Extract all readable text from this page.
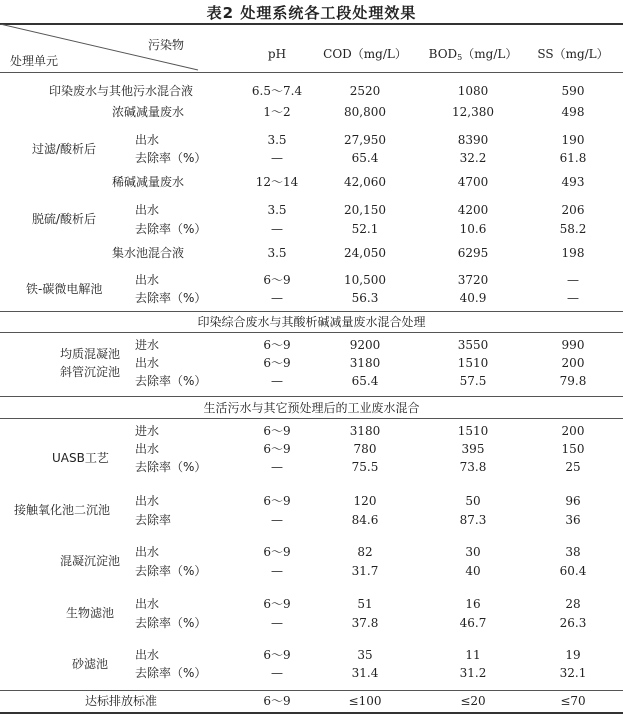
表2 处理系统各工段处理效果
污染物
处理单元	pH	COD（mg/L） $BOD_5(mg/L)$ SS（mg/L）
印染综合废水与其酸析碱减量废水混合处理
生活污水与其它预处理后的工业废水混合
印染废水与其他污水混合液	6.5～7.4	2520	1080	590
浓碱减量废水	1～2	80,800	12,380	498
过滤/酸析后
出水	3.5	27,950	8390	190
去除率（%）	—	65.4	32.2	61.8
稀碱减量废水	12～14	42,060	4700	493
脱硫/酸析后
出水	3.5	20,150	4200	206
去除率（%）	—	52.1	10.6	58.2
集水池混合液	3.5	24,050	6295	198
铁-碳微电解池
出水	6～9	10,500	3720	—
去除率（%）	—	56.3	40.9	—
均质混凝池
进水	6～9	9200	3550	990
斜管沉淀池
出水	6～9	3180	1510	200
去除率（%）	—	65.4	57.5	79.8
进水	6～9	3180	1510	200
UASB工艺
出水	6～9	780	395	150
去除率（%）	—	75.5	73.8	25
接触氧化池二沉池
出水	6～9	120	50	96
去除率	—	84.6	87.3	36
混凝沉淀池
出水	6～9	82	30	38
去除率（%）	—	31.7	40	60.4
生物滤池
出水	6～9	51	16	28
去除率（%）	—	37.8	46.7	26.3
砂滤池
出水	6～9	35	11	19
去除率（%）	—	31.4	31.2	32.1
达标排放标准	6～9	≤100	≤20	≤70
